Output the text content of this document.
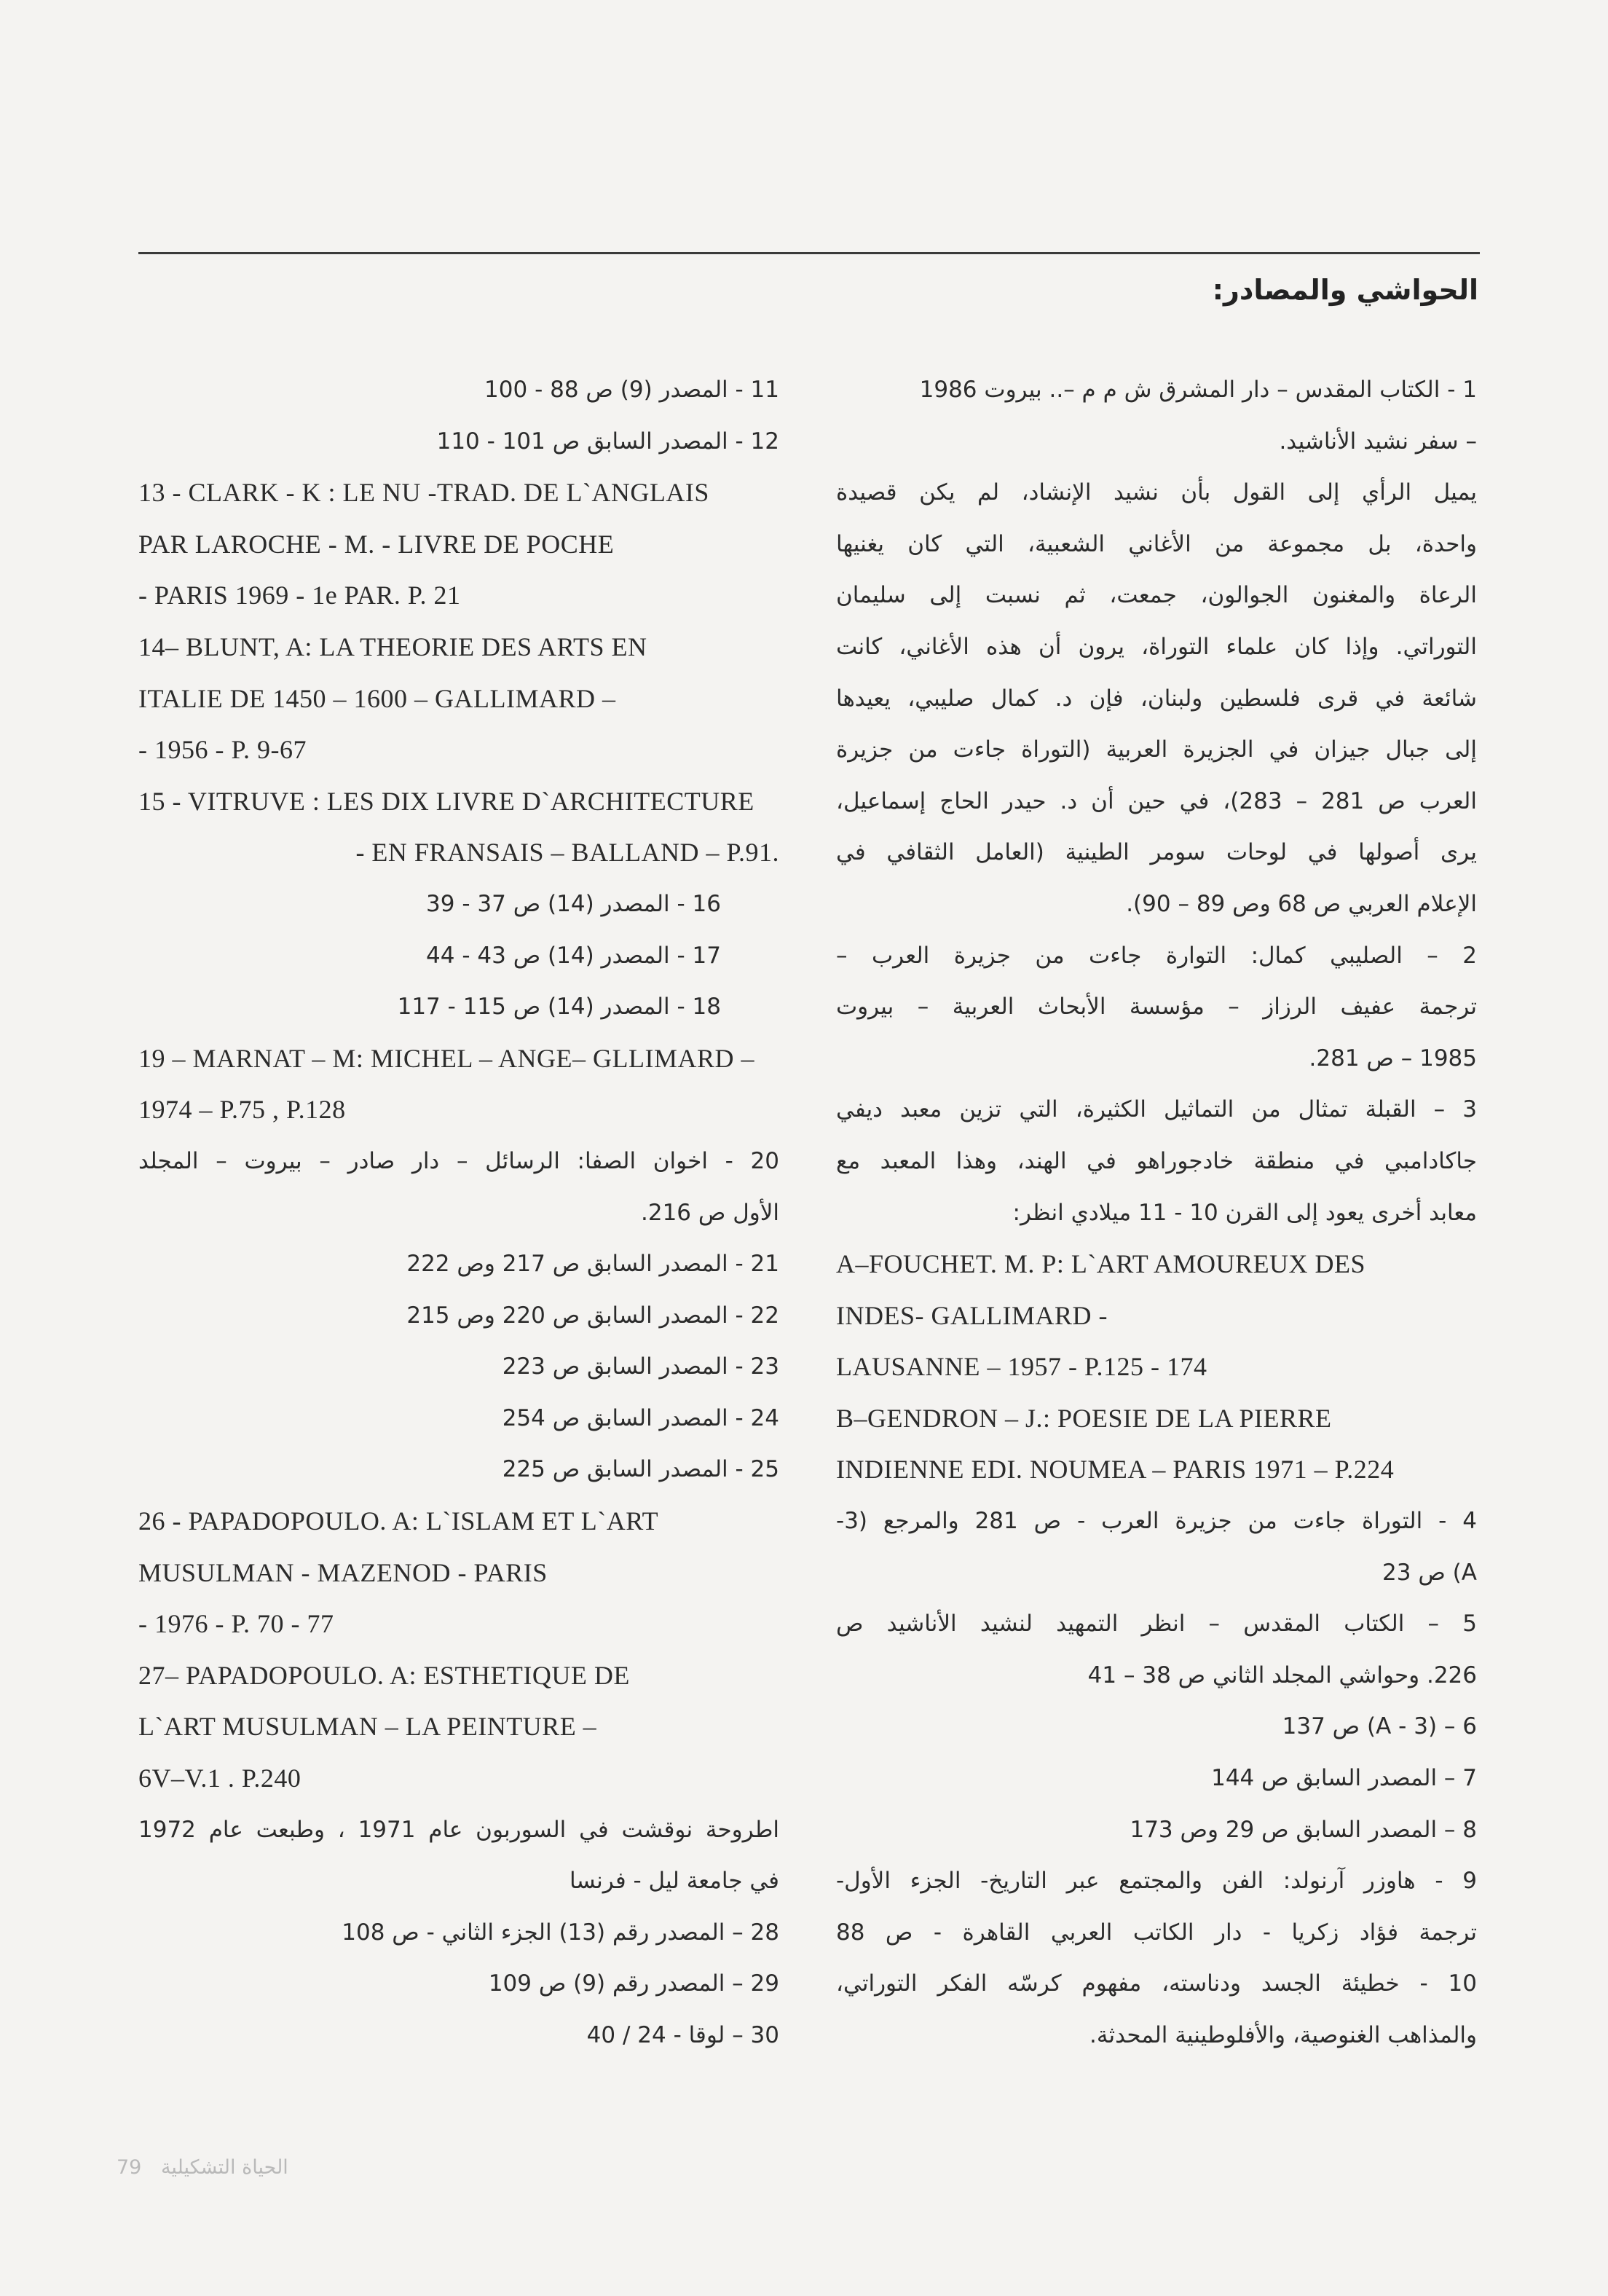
الحواشي والمصادر:
1 - الكتاب المقدس – دار المشرق ش م م –.. بيروت 1986
– سفر نشيد الأناشيد.
يميل الرأي إلى القول بأن نشيد الإنشاد، لم يكن قصيدة
واحدة، بل مجموعة من الأغاني الشعبية، التي كان يغنيها
الرعاة والمغنون الجوالون، جمعت، ثم نسبت إلى سليمان
التوراتي. وإذا كان علماء التوراة، يرون أن هذه الأغاني، كانت
شائعة في قرى فلسطين ولبنان، فإن د. كمال صليبي، يعيدها
إلى جبال جيزان في الجزيرة العربية (التوراة جاءت من جزيرة
العرب ص 281 – 283)، في حين أن د. حيدر الحاج إسماعيل،
يرى أصولها في لوحات سومر الطينية (العامل الثقافي في
الإعلام العربي ص 68 وص 89 – 90).
2 – الصليبي كمال: التوارة جاءت من جزيرة العرب –
ترجمة عفيف الرزاز – مؤسسة الأبحاث العربية – بيروت
1985 – ص 281.
3 – القبلة تمثال من التماثيل الكثيرة، التي تزين معبد ديفي
جاكادامبي في منطقة خادجوراهو في الهند، وهذا المعبد مع
معابد أخرى يعود إلى القرن 10 - 11 ميلادي انظر:
A–FOUCHET. M. P: L`ART AMOUREUX DES
INDES- GALLIMARD -
LAUSANNE – 1957 - P.125 - 174
B–GENDRON – J.: POESIE DE LA PIERRE
INDIENNE EDI. NOUMEA – PARIS 1971 – P.224
4 - التوراة جاءت من جزيرة العرب - ص 281 والمرجع (3-
A) ص 23
5 – الكتاب المقدس – انظر التمهيد لنشيد الأناشيد ص
226. وحواشي المجلد الثاني ص 38 – 41
6 – (3 - A) ص 137
7 – المصدر السابق ص 144
8 – المصدر السابق ص 29 وص 173
9 - هاوزر آرنولد: الفن والمجتمع عبر التاريخ- الجزء الأول-
ترجمة فؤاد زكريا - دار الكاتب العربي القاهرة - ص 88
10 - خطيئة الجسد ودناسته، مفهوم كرسّه الفكر التوراتي،
والمذاهب الغنوصية، والأفلوطينية المحدثة.
11 - المصدر (9) ص 88 - 100
12 - المصدر السابق ص 101 - 110
13 - CLARK - K : LE NU -TRAD. DE L`ANGLAIS
PAR LAROCHE - M. - LIVRE DE POCHE
- PARIS 1969 - 1e PAR. P. 21
14– BLUNT, A: LA THEORIE DES ARTS EN
ITALIE DE 1450 – 1600 – GALLIMARD –
- 1956 - P. 9-67
15 - VITRUVE : LES DIX LIVRE D`ARCHITECTURE
- EN FRANSAIS – BALLAND – P.91.
16 - المصدر (14) ص 37 - 39
17 - المصدر (14) ص 43 - 44
18 - المصدر (14) ص 115 - 117
19 – MARNAT – M: MICHEL – ANGE– GLLIMARD –
1974 – P.75 , P.128
20 - اخوان الصفا: الرسائل – دار صادر – بيروت – المجلد
الأول ص 216.
21 - المصدر السابق ص 217 وص 222
22 - المصدر السابق ص 220 وص 215
23 - المصدر السابق ص 223
24 - المصدر السابق ص 254
25 - المصدر السابق ص 225
26 - PAPADOPOULO. A: L`ISLAM ET L`ART
MUSULMAN - MAZENOD - PARIS
- 1976 - P. 70 - 77
27– PAPADOPOULO. A: ESTHETIQUE DE
L`ART MUSULMAN – LA PEINTURE –
6V–V.1 . P.240
اطروحة نوقشت في السوربون عام 1971 ، وطبعت عام 1972
في جامعة ليل - فرنسا
28 – المصدر رقم (13) الجزء الثاني - ص 108
29 – المصدر رقم (9) ص 109
30 – لوقا - 24 / 40
79 الحياة التشكيلية
